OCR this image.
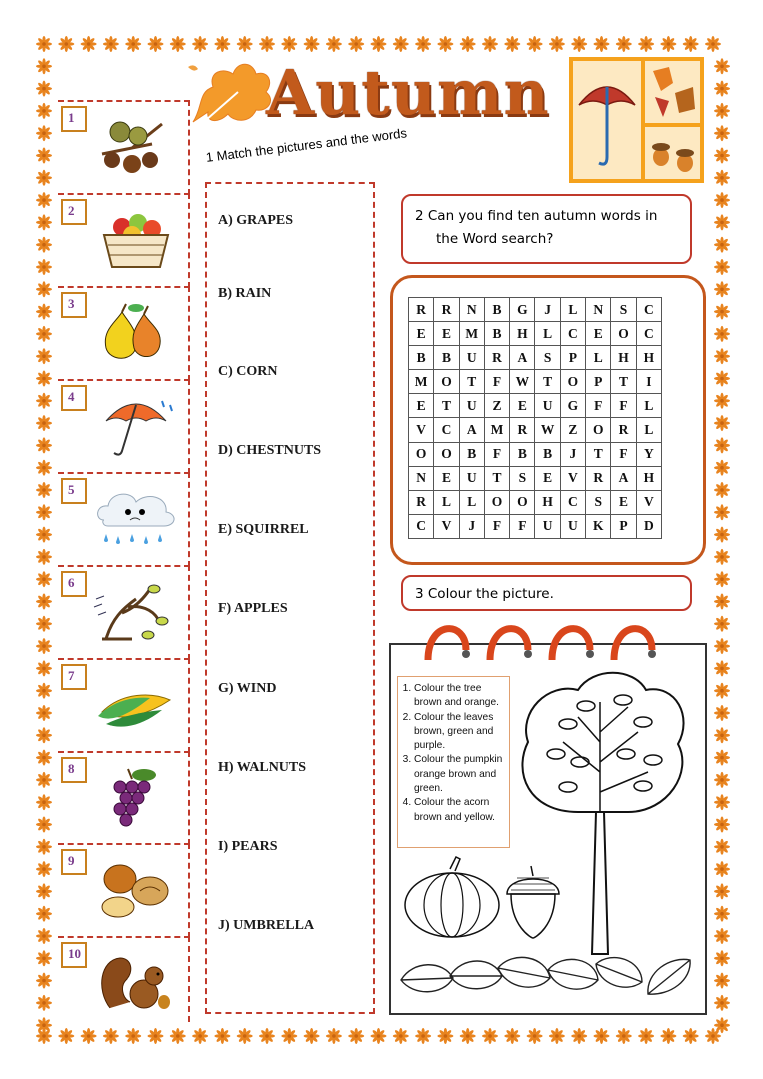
Autumn
1 Match the pictures and the words
1
2
3
4
5
6
7
8
9
10
A) GRAPES
B) RAIN
C) CORN
D) CHESTNUTS
E) SQUIRREL
F) APPLES
G) WIND
H) WALNUTS
I) PEARS
J) UMBRELLA
2 Can you find ten autumn words in
the Word search?
R	R	N	B	G	J	L	N	S	C
E	E	M	B	H	L	C	E	O	C
B	B	U	R	A	S	P	L	H	H
M	O	T	F	W	T	O	P	T	I
E	T	U	Z	E	U	G	F	F	L
V	C	A	M	R	W	Z	O	R	L
O	O	B	F	B	B	J	T	F	Y
N	E	U	T	S	E	V	R	A	H
R	L	L	O	O	H	C	S	E	V
C	V	J	F	F	U	U	K	P	D
3 Colour the picture.
1. Colour the tree brown and orange.
2. Colour the leaves brown, green and purple.
3. Colour the pumpkin orange brown and green.
4. Colour the acorn brown and yellow.
